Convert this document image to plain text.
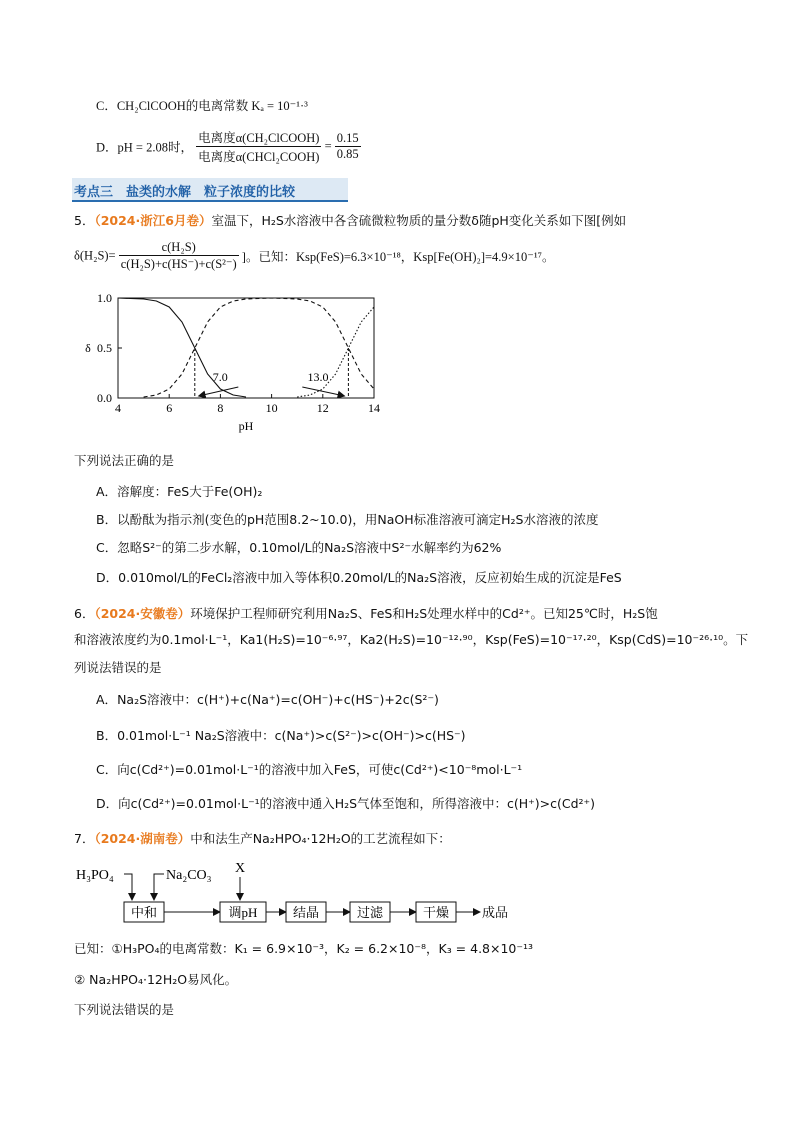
C．CH₂ClCOOH的电离常数 Kₐ = 10⁻¹·³
D．pH = 2.08时， $\frac{\text{电离度α(CH₂ClCOOH)}}{\text{电离度α(CHCl₂COOH)}} = \frac{0.15}{0.85}$
考点三　盐类的水解　粒子浓度的比较
5．（2024·浙江6月卷）室温下，H₂S水溶液中各含硫微粒物质的量分数δ随pH变化关系如下图[例如
$\delta(H_2S)= \frac{\text{c(H₂S)}}{\text{c(H₂S)+c(HS⁻)+c(S²⁻)}}$ ]。已知：Ksp(FeS)=6.3×10⁻¹⁸，Ksp[Fe(OH)₂]=4.9×10⁻¹⁷。
4	6	8	10	12	14
0.0
0.5
1.0
pH
δ
7.0	13.0
下列说法正确的是
A．溶解度：FeS大于Fe(OH)₂
B．以酚酞为指示剂(变色的pH范围8.2~10.0)，用NaOH标准溶液可滴定H₂S水溶液的浓度
C．忽略S²⁻的第二步水解，0.10mol/L的Na₂S溶液中S²⁻水解率约为62%
D．0.010mol/L的FeCl₂溶液中加入等体积0.20mol/L的Na₂S溶液，反应初始生成的沉淀是FeS
6．（2024·安徽卷）环境保护工程师研究利用Na₂S、FeS和H₂S处理水样中的Cd²⁺。已知25℃时，H₂S饱
和溶液浓度约为0.1mol·L⁻¹，Ka1(H₂S)=10⁻⁶·⁹⁷，Ka2(H₂S)=10⁻¹²·⁹⁰，Ksp(FeS)=10⁻¹⁷·²⁰，Ksp(CdS)=10⁻²⁶·¹⁰。下
列说法错误的是
A．Na₂S溶液中：c(H⁺)+c(Na⁺)=c(OH⁻)+c(HS⁻)+2c(S²⁻)
B．0.01mol·L⁻¹ Na₂S溶液中：c(Na⁺)>c(S²⁻)>c(OH⁻)>c(HS⁻)
C．向c(Cd²⁺)=0.01mol·L⁻¹的溶液中加入FeS，可使c(Cd²⁺)<10⁻⁸mol·L⁻¹
D．向c(Cd²⁺)=0.01mol·L⁻¹的溶液中通入H₂S气体至饱和，所得溶液中：c(H⁺)>c(Cd²⁺)
7．（2024·湖南卷）中和法生产Na₂HPO₄·12H₂O的工艺流程如下：
H₃PO₄	Na₂CO₃ X
中和	调pH	结晶	过滤	干燥	成品
已知：①H₃PO₄的电离常数：K₁ = 6.9×10⁻³，K₂ = 6.2×10⁻⁸，K₃ = 4.8×10⁻¹³
② Na₂HPO₄·12H₂O易风化。
下列说法错误的是
